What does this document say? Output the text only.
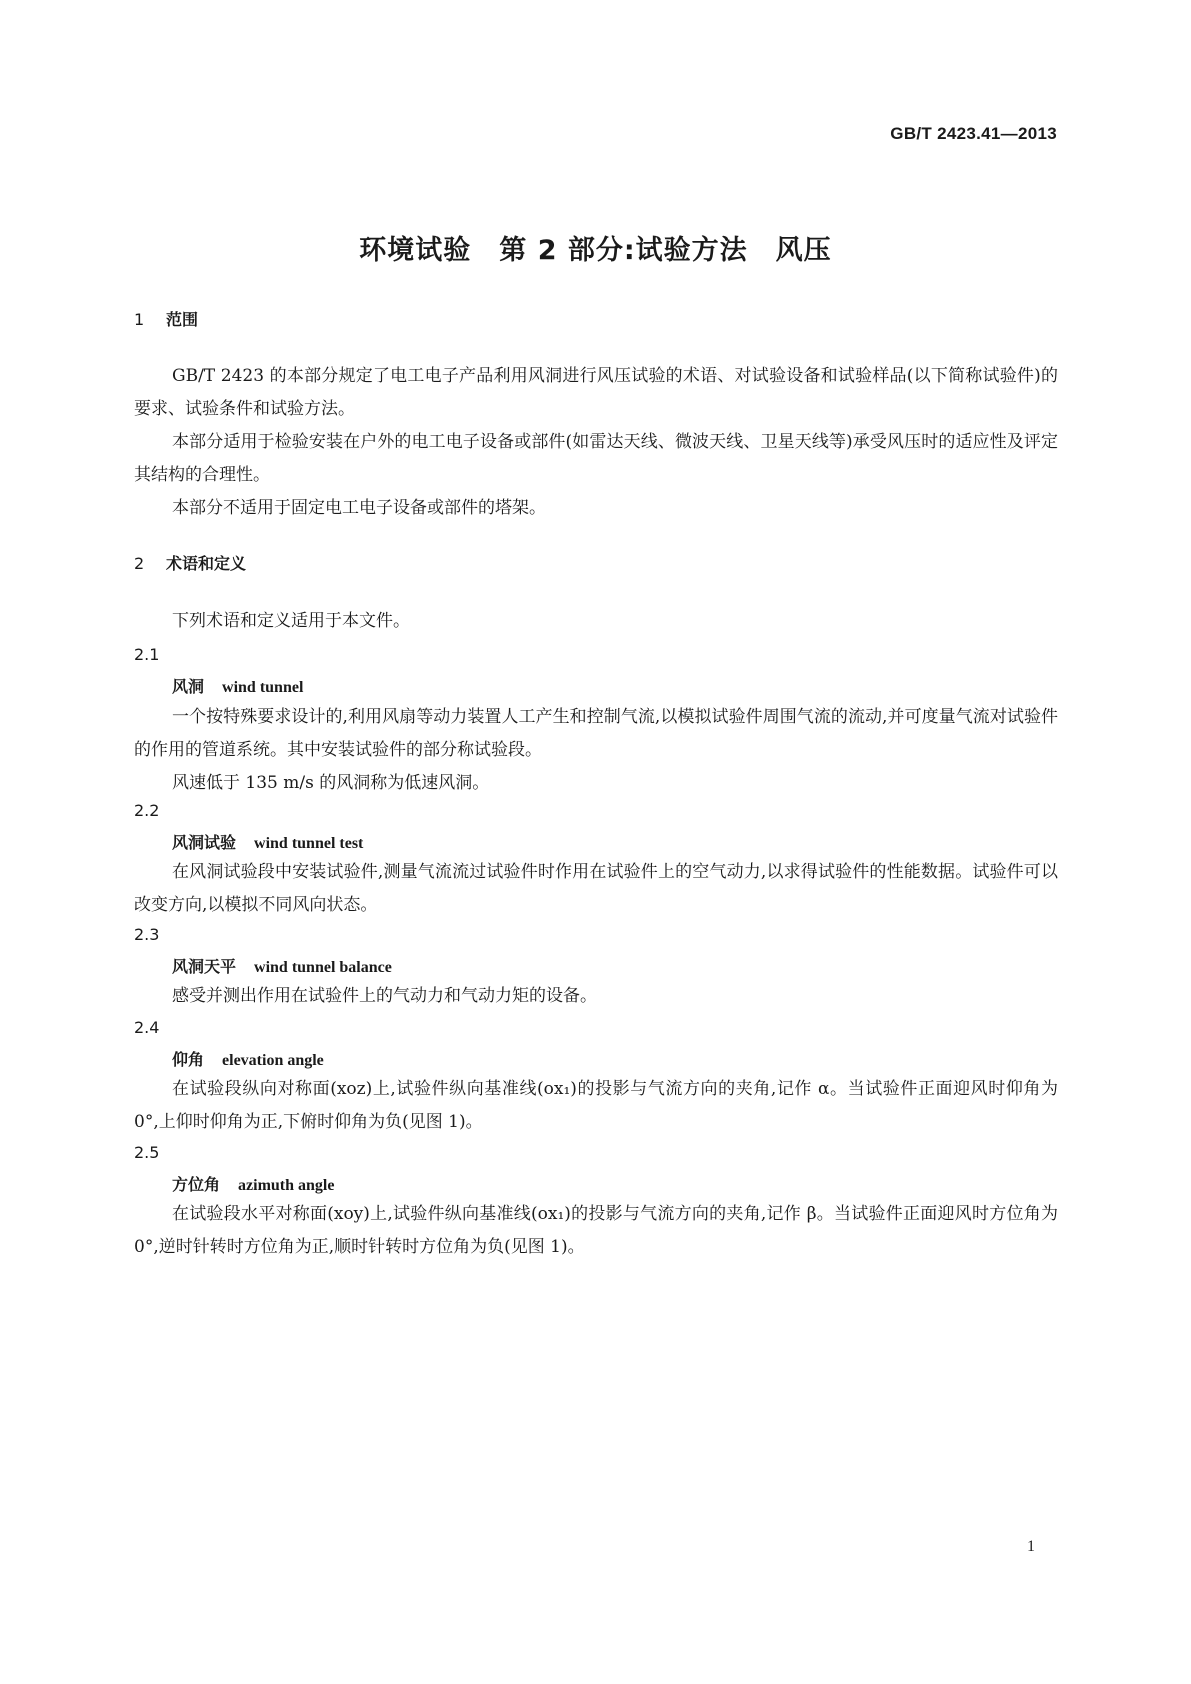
GB/T 2423.41—2013
环境试验　第 2 部分:试验方法　风压
1 范围
GB/T 2423 的本部分规定了电工电子产品利用风洞进行风压试验的术语、对试验设备和试验样品(以下简称试验件)的要求、试验条件和试验方法。
本部分适用于检验安装在户外的电工电子设备或部件(如雷达天线、微波天线、卫星天线等)承受风压时的适应性及评定其结构的合理性。
本部分不适用于固定电工电子设备或部件的塔架。
2 术语和定义
下列术语和定义适用于本文件。
2.1
风洞 wind tunnel
一个按特殊要求设计的,利用风扇等动力装置人工产生和控制气流,以模拟试验件周围气流的流动,并可度量气流对试验件的作用的管道系统。其中安装试验件的部分称试验段。
风速低于 135 m/s 的风洞称为低速风洞。
2.2
风洞试验 wind tunnel test
在风洞试验段中安装试验件,测量气流流过试验件时作用在试验件上的空气动力,以求得试验件的性能数据。试验件可以改变方向,以模拟不同风向状态。
2.3
风洞天平 wind tunnel balance
感受并测出作用在试验件上的气动力和气动力矩的设备。
2.4
仰角 elevation angle
在试验段纵向对称面(xoz)上,试验件纵向基准线(ox₁)的投影与气流方向的夹角,记作 α。当试验件正面迎风时仰角为 0°,上仰时仰角为正,下俯时仰角为负(见图 1)。
2.5
方位角 azimuth angle
在试验段水平对称面(xoy)上,试验件纵向基准线(ox₁)的投影与气流方向的夹角,记作 β。当试验件正面迎风时方位角为 0°,逆时针转时方位角为正,顺时针转时方位角为负(见图 1)。
1
